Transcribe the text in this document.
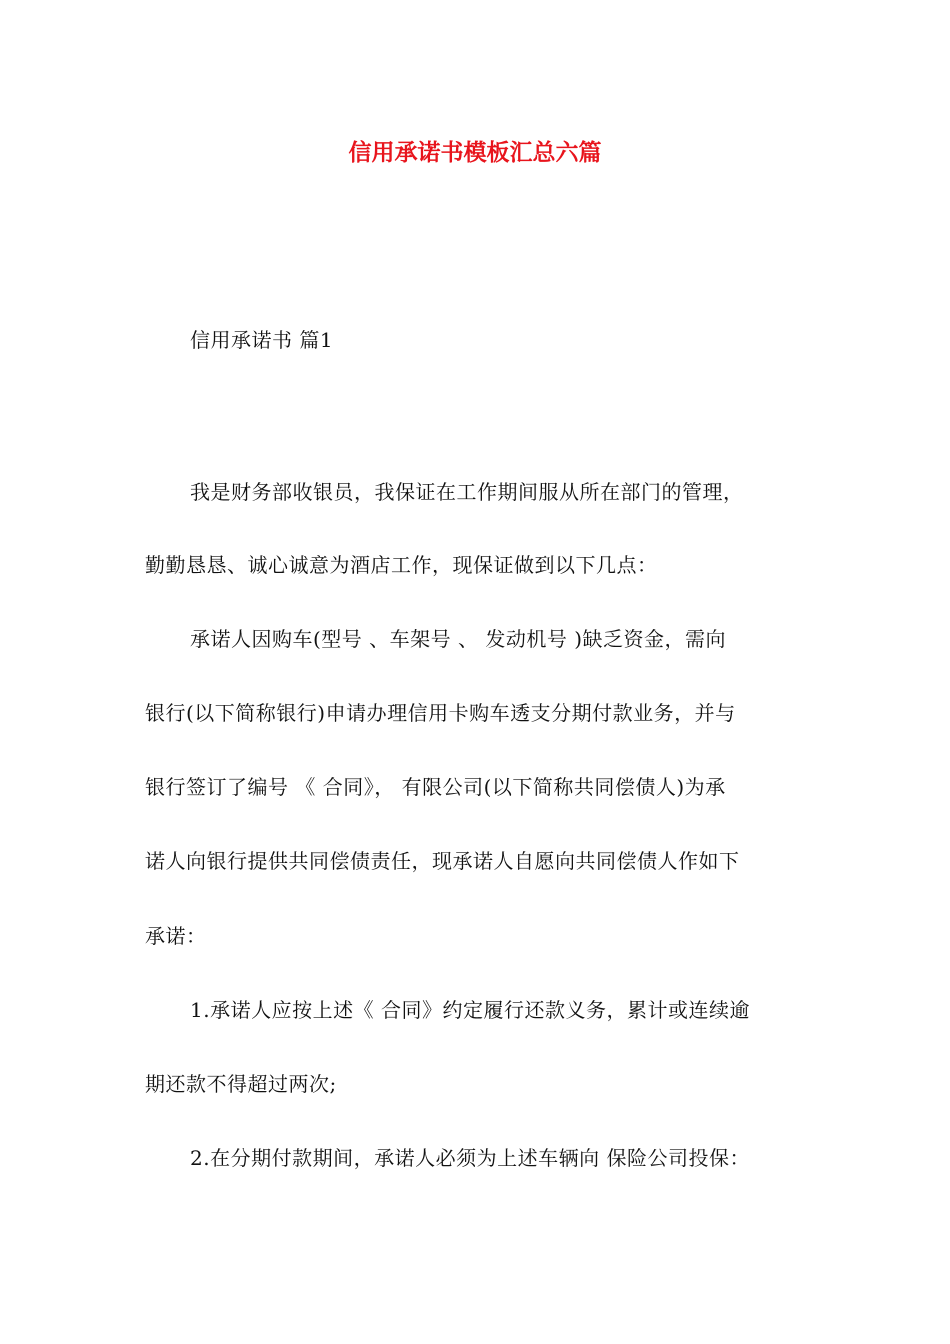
信用承诺书模板汇总六篇
信用承诺书 篇1
我是财务部收银员，我保证在工作期间服从所在部门的管理，
勤勤恳恳、诚心诚意为酒店工作，现保证做到以下几点：
承诺人因购车(型号 、车架号 、 发动机号 )缺乏资金，需向
银行(以下简称银行)申请办理信用卡购车透支分期付款业务，并与
银行签订了编号 《 合同》， 有限公司(以下简称共同偿债人)为承
诺人向银行提供共同偿债责任，现承诺人自愿向共同偿债人作如下
承诺：
1.承诺人应按上述《 合同》约定履行还款义务，累计或连续逾
期还款不得超过两次;
2.在分期付款期间，承诺人必须为上述车辆向 保险公司投保：
